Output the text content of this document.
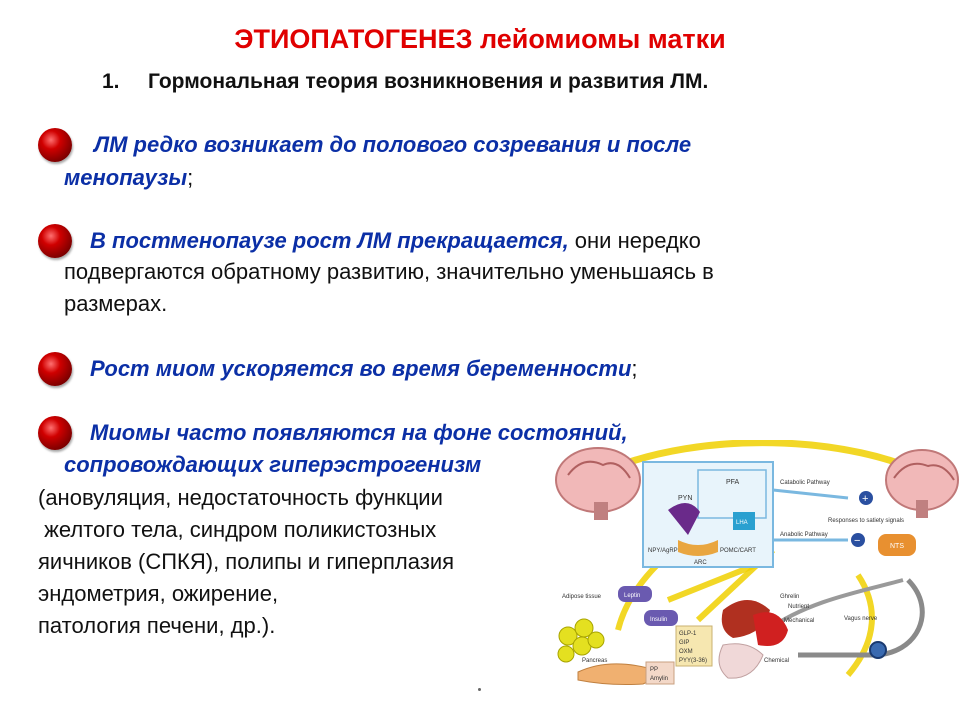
ЭТИОПАТОГЕНЕЗ лейомиомы матки
1. Гормональная теория возникновения и развития ЛМ.
ЛМ редко возникает до полового созревания и после
менопаузы;
В постменопаузе рост ЛМ прекращается, они нередко
подвергаются обратному развитию, значительно уменьшаясь в
размерах.
Рост миом ускоряется во время беременности;
Миомы часто появляются на фоне состояний,
сопровождающих гиперэстрогенизм
(ановуляция, недостаточность функции
желтого тела, синдром поликистозных
яичников (СПКЯ), полипы и гиперплазия
эндометрия, ожирение,
патология печени, др.).
PFA
PYN
LHA
NPY/AgRP	POMC/CART
ARC
Catabolic Pathway
Anabolic Pathway
+
−
Responses to satiety signals
NTS
Adipose tissue	Leptin
Insulin
Pancreas
PP
Amylin
GLP-1
GIP
OXM
PYY(3-36)
Ghrelin
Nutrient
Mechanical
Chemical
Vagus nerve
